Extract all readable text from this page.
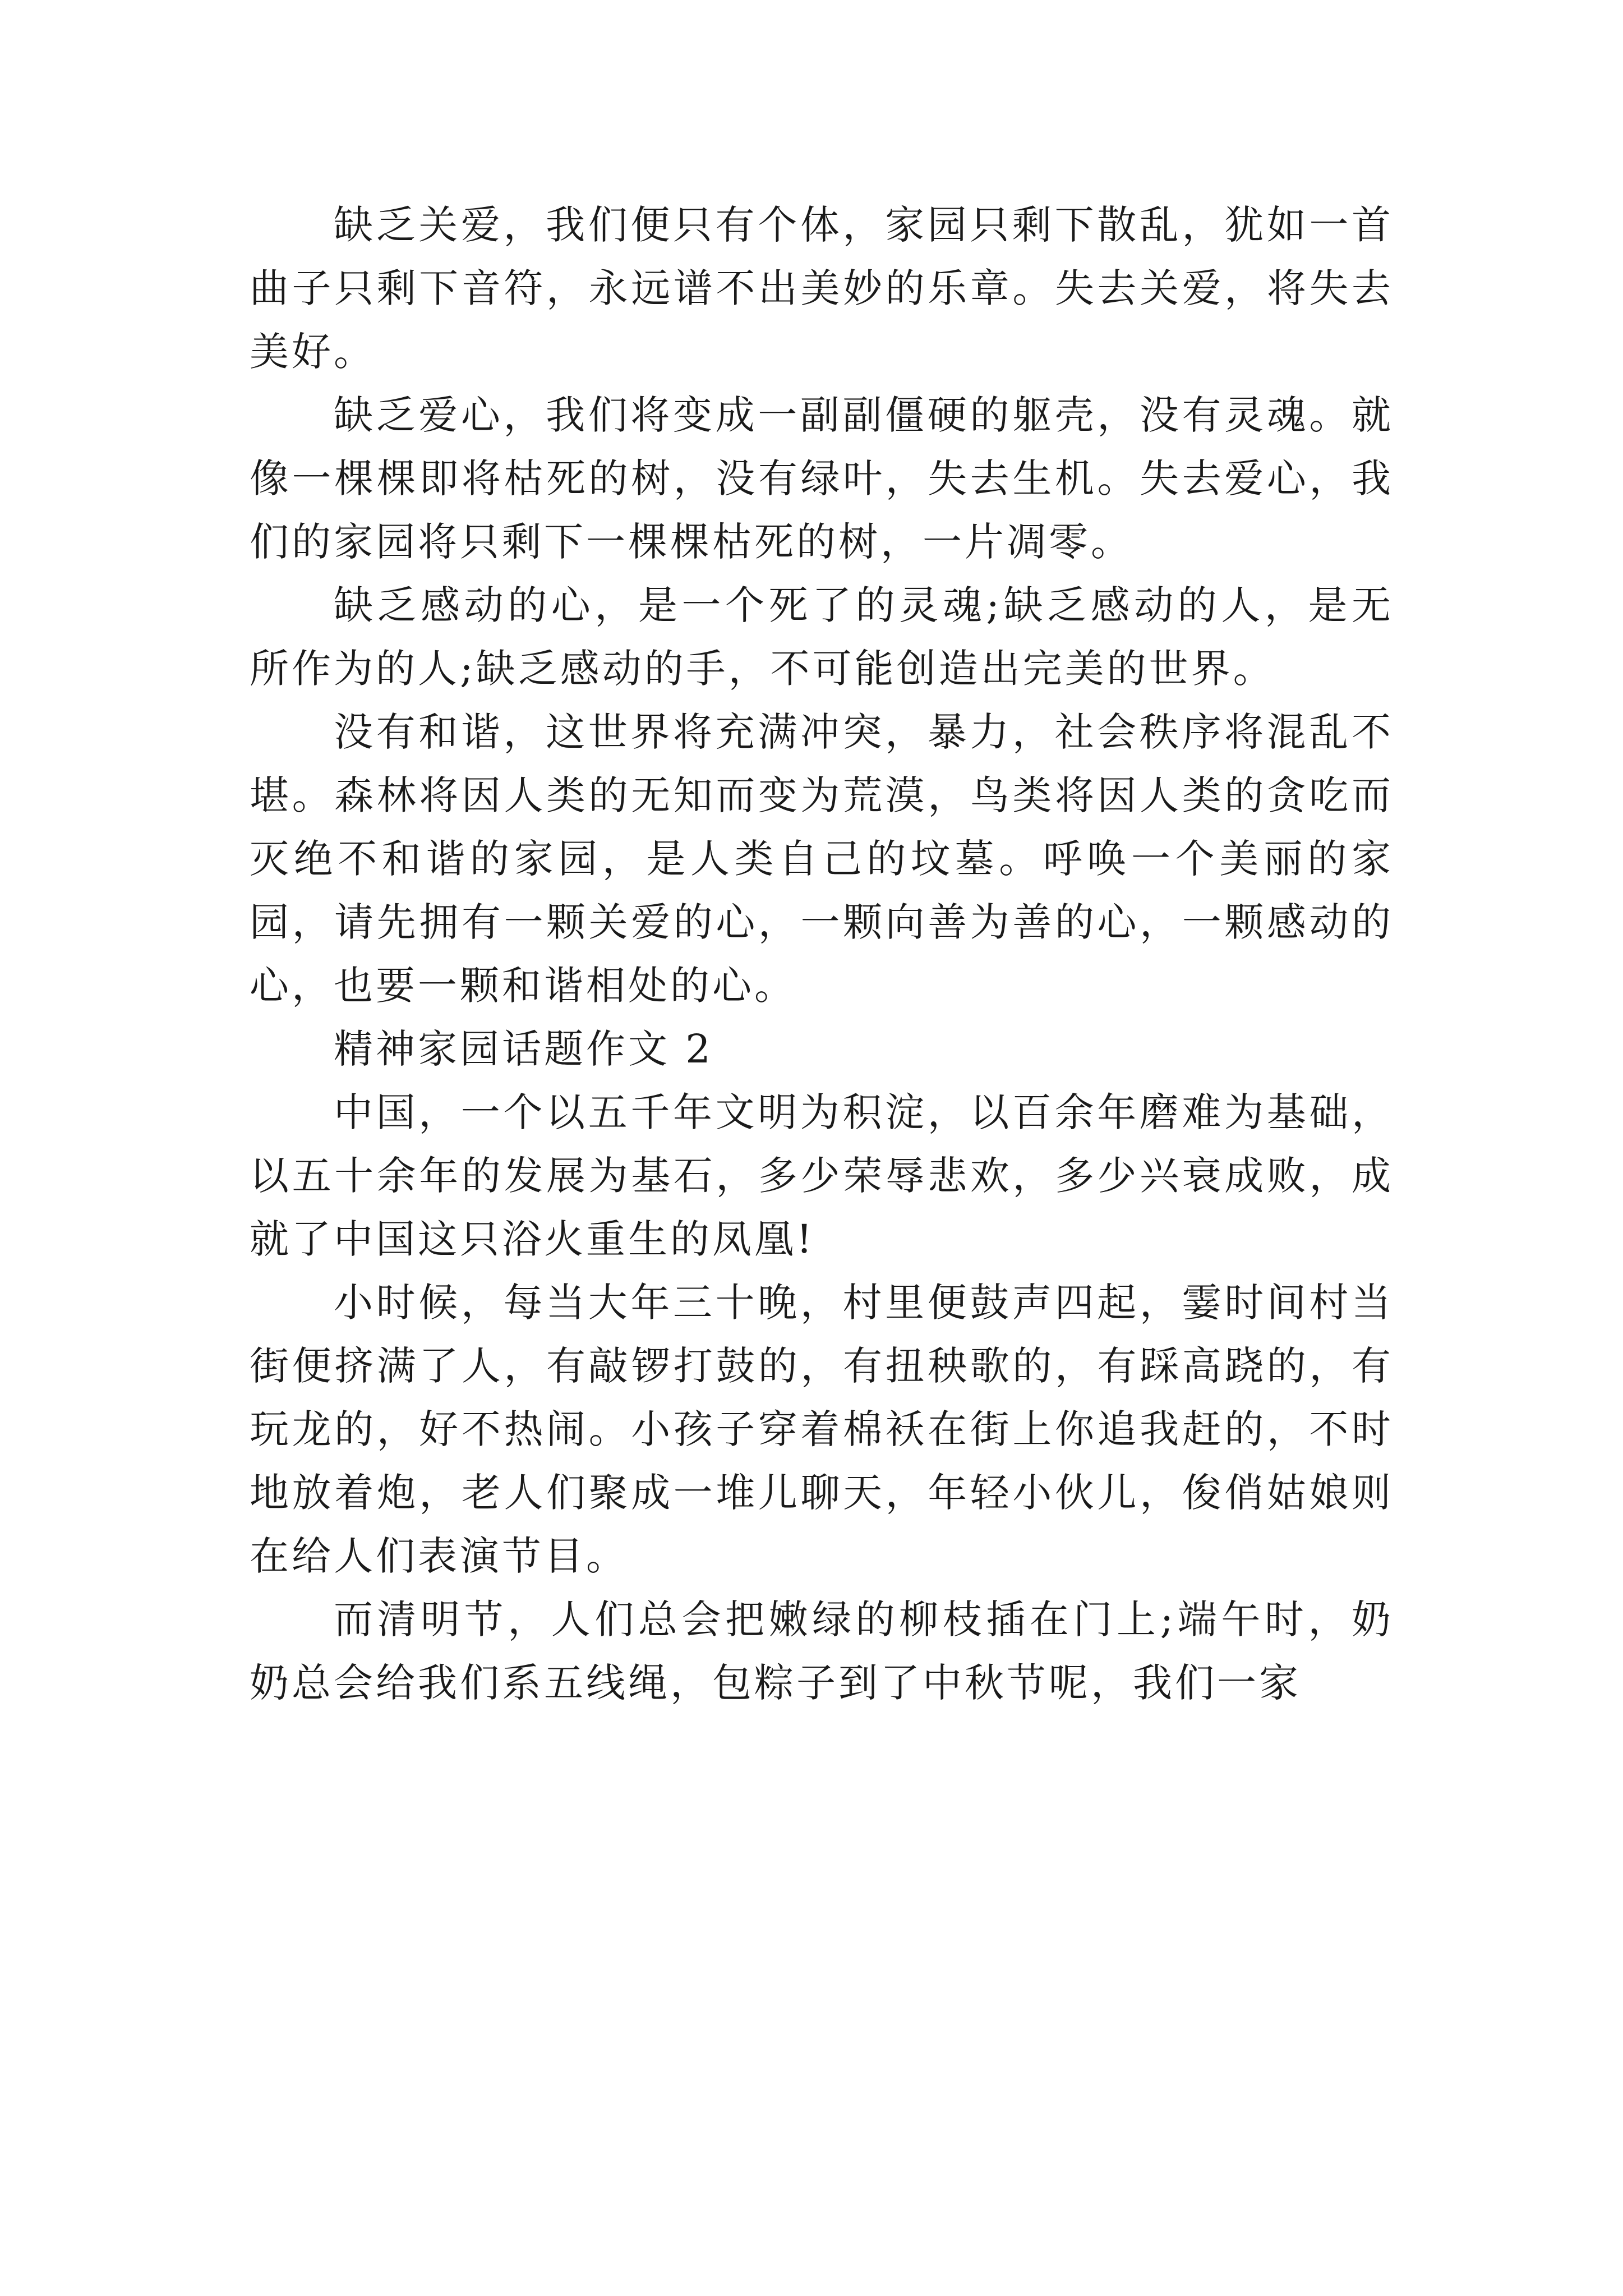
缺乏关爱，我们便只有个体，家园只剩下散乱，犹如一首曲子只剩下音符，永远谱不出美妙的乐章。失去关爱，将失去美好。

缺乏爱心，我们将变成一副副僵硬的躯壳，没有灵魂。就像一棵棵即将枯死的树，没有绿叶，失去生机。失去爱心，我们的家园将只剩下一棵棵枯死的树，一片凋零。

缺乏感动的心，是一个死了的灵魂;缺乏感动的人，是无所作为的人;缺乏感动的手，不可能创造出完美的世界。

没有和谐，这世界将充满冲突，暴力，社会秩序将混乱不堪。森林将因人类的无知而变为荒漠，鸟类将因人类的贪吃而灭绝不和谐的家园，是人类自己的坟墓。呼唤一个美丽的家园，请先拥有一颗关爱的心，一颗向善为善的心，一颗感动的心，也要一颗和谐相处的心。

精神家园话题作文 2

中国，一个以五千年文明为积淀，以百余年磨难为基础，以五十余年的发展为基石，多少荣辱悲欢，多少兴衰成败，成就了中国这只浴火重生的凤凰!

小时候，每当大年三十晚，村里便鼓声四起，霎时间村当街便挤满了人，有敲锣打鼓的，有扭秧歌的，有踩高跷的，有玩龙的，好不热闹。小孩子穿着棉袄在街上你追我赶的，不时地放着炮，老人们聚成一堆儿聊天，年轻小伙儿，俊俏姑娘则在给人们表演节目。

而清明节，人们总会把嫩绿的柳枝插在门上;端午时，奶奶总会给我们系五线绳，包粽子到了中秋节呢，我们一家
